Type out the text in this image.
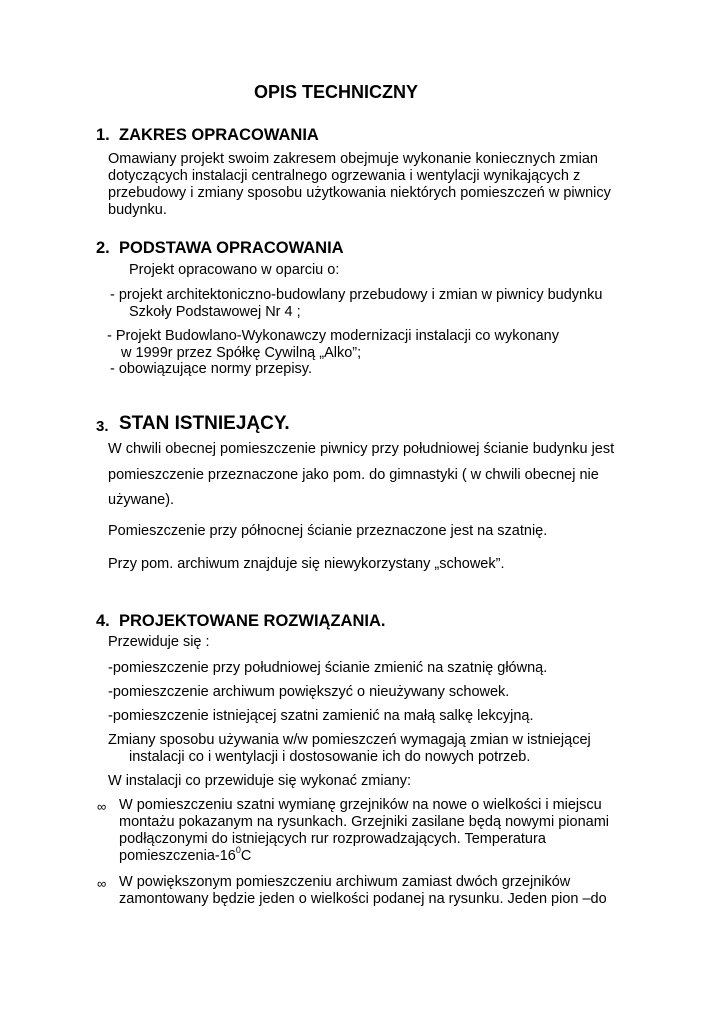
OPIS TECHNICZNY
1. ZAKRES OPRACOWANIA
Omawiany projekt swoim zakresem obejmuje wykonanie koniecznych zmian
dotyczących instalacji centralnego ogrzewania i wentylacji wynikających z
przebudowy i zmiany sposobu użytkowania niektórych pomieszczeń w piwnicy
budynku.
2. PODSTAWA OPRACOWANIA
Projekt opracowano w oparciu o:
- projekt architektoniczno-budowlany przebudowy i zmian w piwnicy budynku
Szkoły Podstawowej Nr 4 ;
- Projekt Budowlano-Wykonawczy modernizacji instalacji co wykonany
w 1999r przez Spółkę Cywilną „Alko”;
- obowiązujące normy przepisy.
3. STAN ISTNIEJĄCY.
W chwili obecnej pomieszczenie piwnicy przy południowej ścianie budynku jest
pomieszczenie przeznaczone jako pom. do gimnastyki ( w chwili obecnej nie
używane).
Pomieszczenie przy północnej ścianie przeznaczone jest na szatnię.
Przy pom. archiwum znajduje się niewykorzystany „schowek”.
4. PROJEKTOWANE ROZWIĄZANIA.
Przewiduje się :
-pomieszczenie przy południowej ścianie zmienić na szatnię główną.
-pomieszczenie archiwum powiększyć o nieużywany schowek.
-pomieszczenie istniejącej szatni zamienić na małą salkę lekcyjną.
Zmiany sposobu używania w/w pomieszczeń wymagają zmian w istniejącej
instalacji co i wentylacji i dostosowanie ich do nowych potrzeb.
W instalacji co przewiduje się wykonać zmiany:
∞ W pomieszczeniu szatni wymianę grzejników na nowe o wielkości i miejscu
montażu pokazanym na rysunkach. Grzejniki zasilane będą nowymi pionami
podłączonymi do istniejących rur rozprowadzających. Temperatura
pomieszczenia-$16^0C$
∞ W powiększonym pomieszczeniu archiwum zamiast dwóch grzejników
zamontowany będzie jeden o wielkości podanej na rysunku. Jeden pion –do
